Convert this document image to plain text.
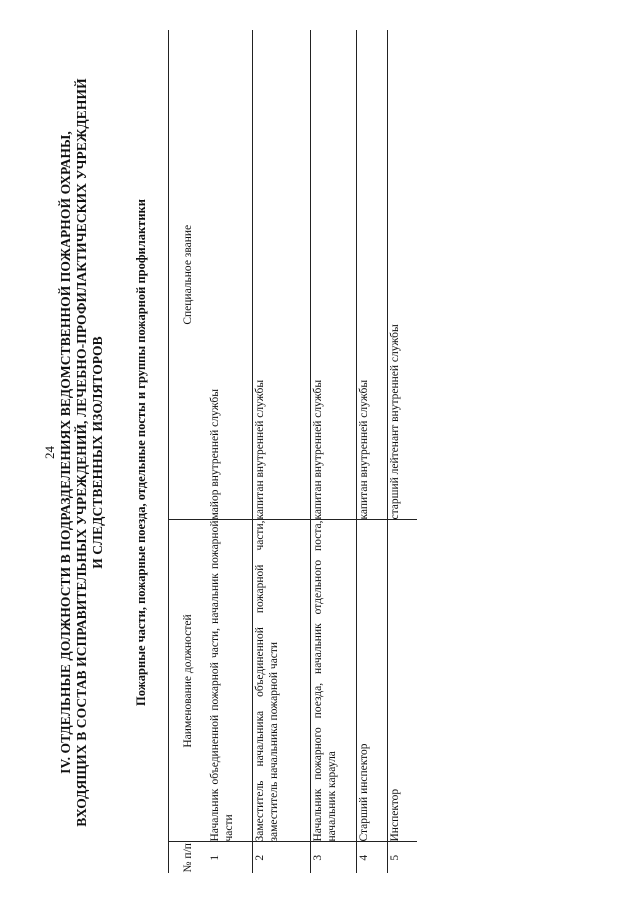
24 IV. ОТДЕЛЬНЫЕ ДОЛЖНОСТИ В ПОДРАЗДЕЛЕНИЯХ ВЕДОМСТВЕННОЙ ПОЖАРНОЙ ОХРАНЫ, ВХОДЯЩИХ В СОСТАВ ИСПРАВИТЕЛЬНЫХ УЧРЕЖДЕНИЙ, ЛЕЧЕБНО-ПРОФИЛАКТИЧЕСКИХ УЧРЕЖДЕНИЙ И СЛЕДСТВЕННЫХ ИЗОЛЯТОРОВ Пожарные части, пожарные поезда, отдельные посты и группы пожарной профилактики
№ п/п	Наименование должностей	Специальное звание
1	Начальник объединенной пожарной части, начальник пожарной части	майор внутренней службы
2	Заместитель начальника объединенной пожарной части, заместитель начальника пожарной части	капитан внутренней службы
3	Начальник пожарного поезда, начальник отдельного поста, начальник караула	капитан внутренней службы
4	Старший инспектор	капитан внутренней службы
5	Инспектор	старший лейтенант внутренней службы
